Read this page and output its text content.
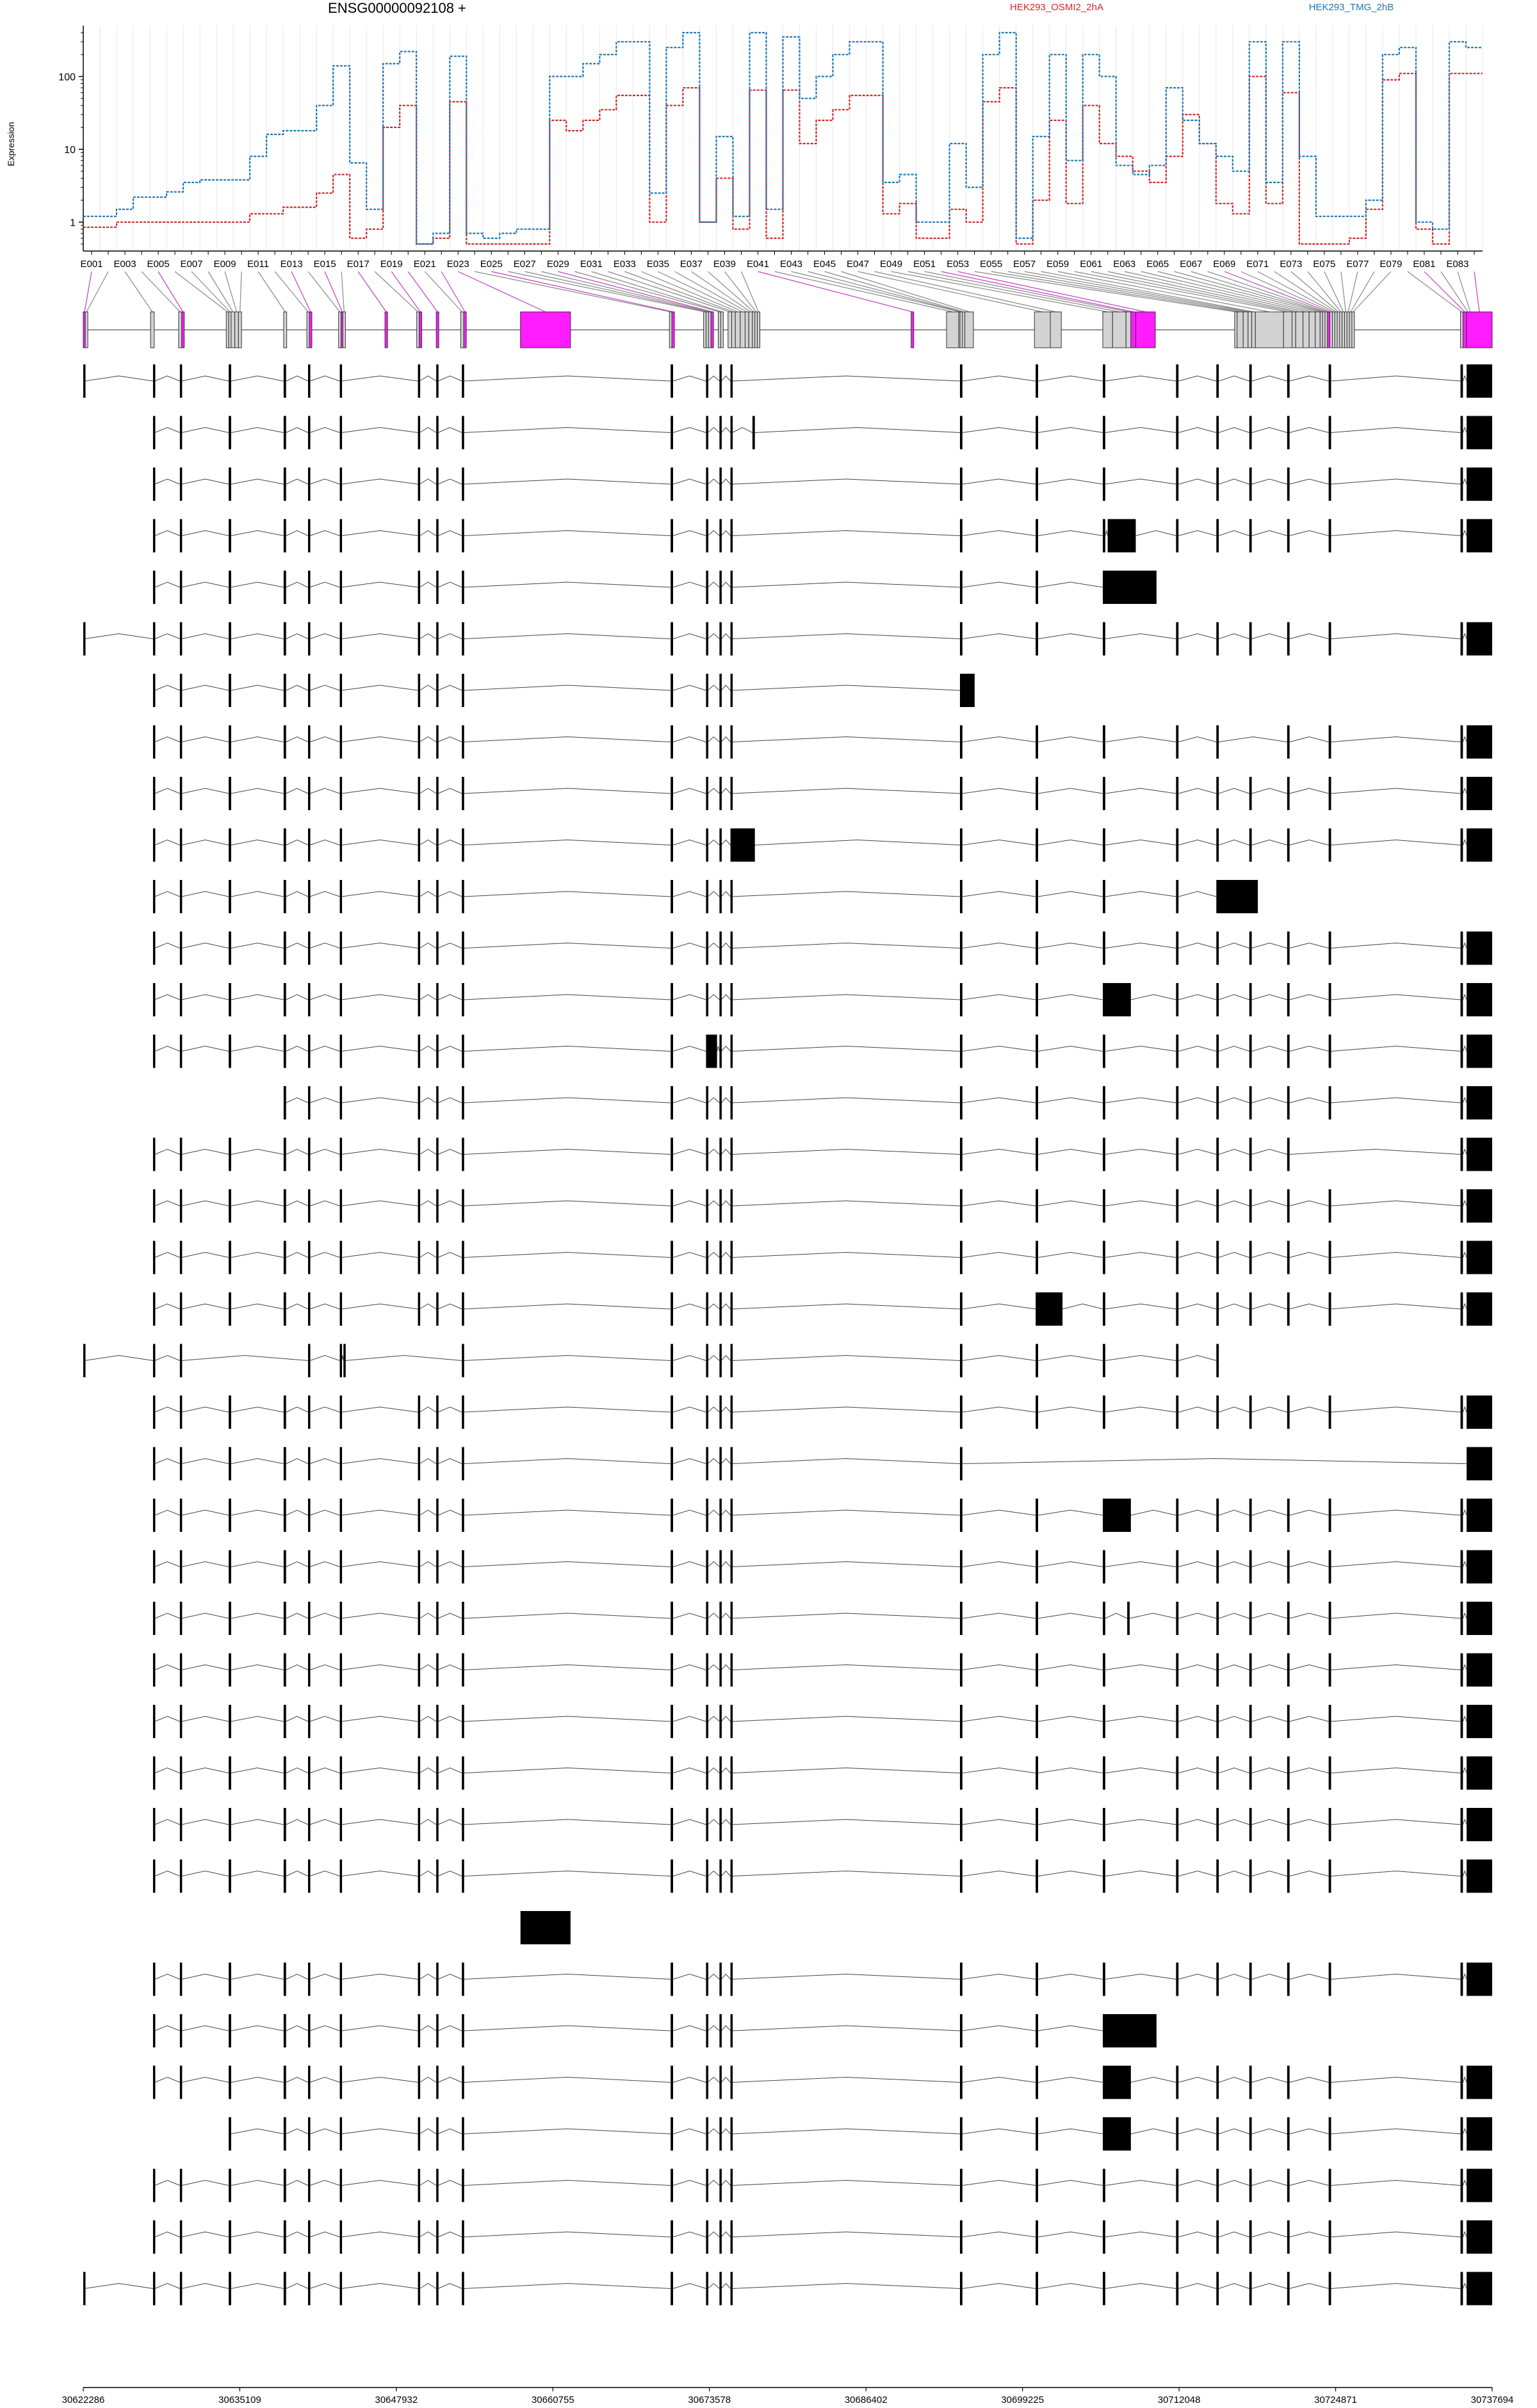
ENSG00000092108 +	HEK293_OSMI2_2hA	HEK293_TMG_2hB
Expression
1
10
100
E001 E003 E005 E007 E009 E011 E013 E015 E017 E019 E021 E023 E025 E027 E029 E031 E033 E035 E037 E039 E041 E043 E045 E047 E049 E051 E053 E055 E057 E059 E061 E063 E065 E067 E069 E071 E073 E075 E077 E079 E081 E083
30622286	30635109	30647932	30660755	30673578	30686402	30699225	30712048	30724871	30737694
